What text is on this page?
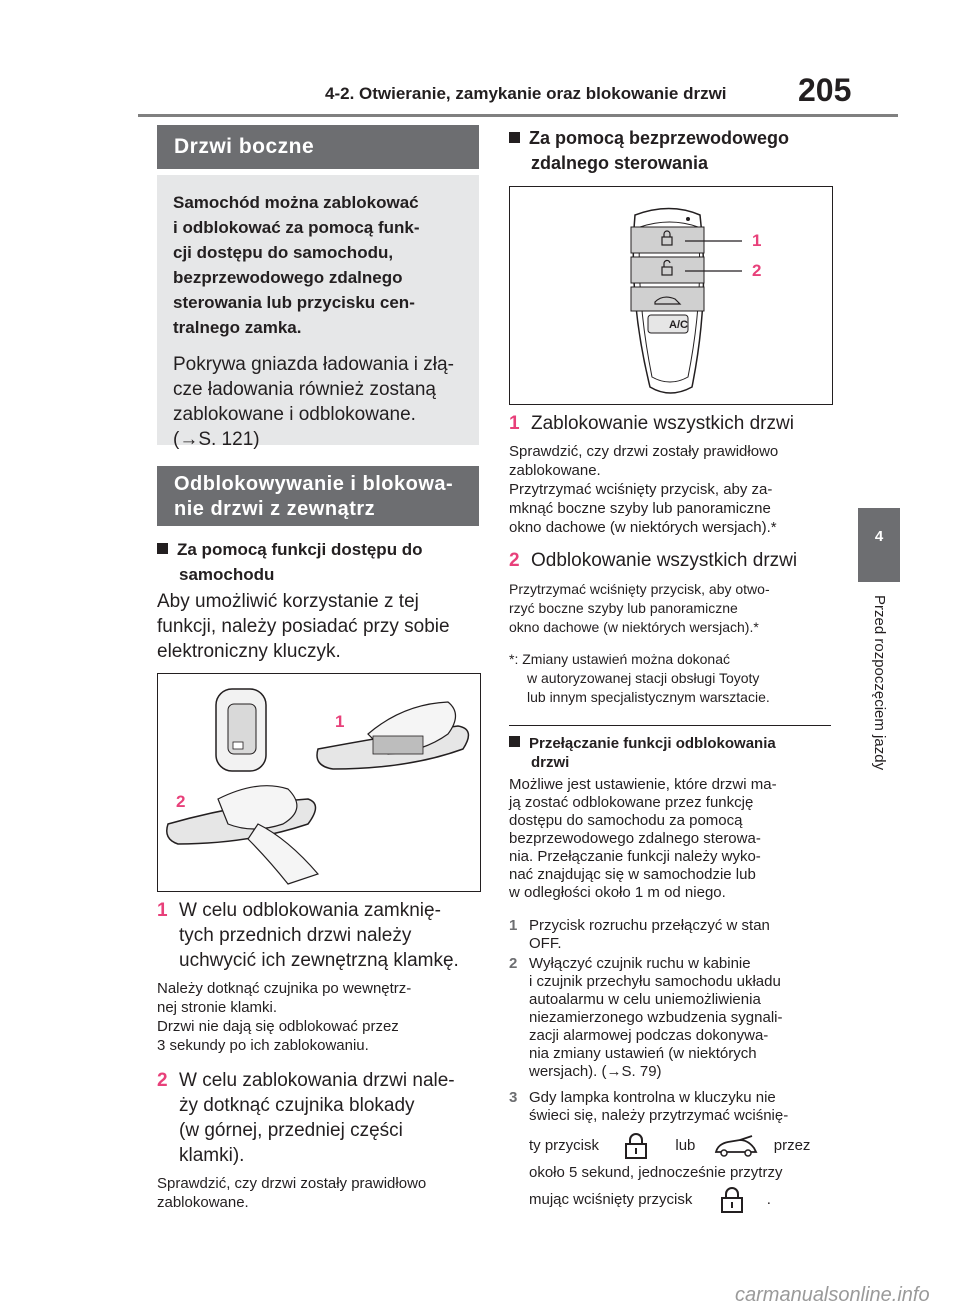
4-2. Otwieranie, zamykanie oraz blokowanie drzwi 205
4
Przed rozpoczęciem jazdy
Drzwi boczne
Samochód można zablokować
i odblokować za pomocą funk-
cji dostępu do samochodu,
bezprzewodowego zdalnego
sterowania lub przycisku cen-
tralnego zamka.
Pokrywa gniazda ładowania i złą-
cze ładowania również zostaną
zablokowane i odblokowane.
(→S. 121)
Odblokowywanie i blokowa-
nie drzwi z zewnątrz
Za pomocą funkcji dostępu do
samochodu
Aby umożliwić korzystanie z tej
funkcji, należy posiadać przy sobie
elektroniczny kluczyk.
1
2
1 W celu odblokowania zamknię-
tych przednich drzwi należy
uchwycić ich zewnętrzną klamkę.
Należy dotknąć czujnika po wewnętrz-
nej stronie klamki.
Drzwi nie dają się odblokować przez
3 sekundy po ich zablokowaniu.
2 W celu zablokowania drzwi nale-
ży dotknąć czujnika blokady
(w górnej, przedniej części
klamki).
Sprawdzić, czy drzwi zostały prawidłowo
zablokowane.
Za pomocą bezprzewodowego
zdalnego sterowania
A/C
1
2
1 Zablokowanie wszystkich drzwi
Sprawdzić, czy drzwi zostały prawidłowo
zablokowane.
Przytrzymać wciśnięty przycisk, aby za-
mknąć boczne szyby lub panoramiczne
okno dachowe (w niektórych wersjach).*
2 Odblokowanie wszystkich drzwi
Przytrzymać wciśnięty przycisk, aby otwo-
rzyć boczne szyby lub panoramiczne
okno dachowe (w niektórych wersjach).*
*: Zmiany ustawień można dokonać
w autoryzowanej stacji obsługi Toyoty
lub innym specjalistycznym warsztacie.
Przełączanie funkcji odblokowania
drzwi
Możliwe jest ustawienie, które drzwi ma-
ją zostać odblokowane przez funkcję
dostępu do samochodu za pomocą
bezprzewodowego zdalnego sterowa-
nia. Przełączanie funkcji należy wyko-
nać znajdując się w samochodzie lub
w odległości około 1 m od niego.
1 Przycisk rozruchu przełączyć w stan
OFF.
2 Wyłączyć czujnik ruchu w kabinie
i czujnik przechyłu samochodu układu
autoalarmu w celu uniemożliwienia
niezamierzonego wzbudzenia sygnali-
zacji alarmowej podczas dokonywa-
nia zmiany ustawień (w niektórych
wersjach). (→S. 79)
3 Gdy lampka kontrolna w kluczyku nie
świeci się, należy przytrzymać wciśnię-
ty przycisk	lub	przez
około 5 sekund, jednocześnie przytrzy
mując wciśnięty przycisk	.
carmanualsonline.info
